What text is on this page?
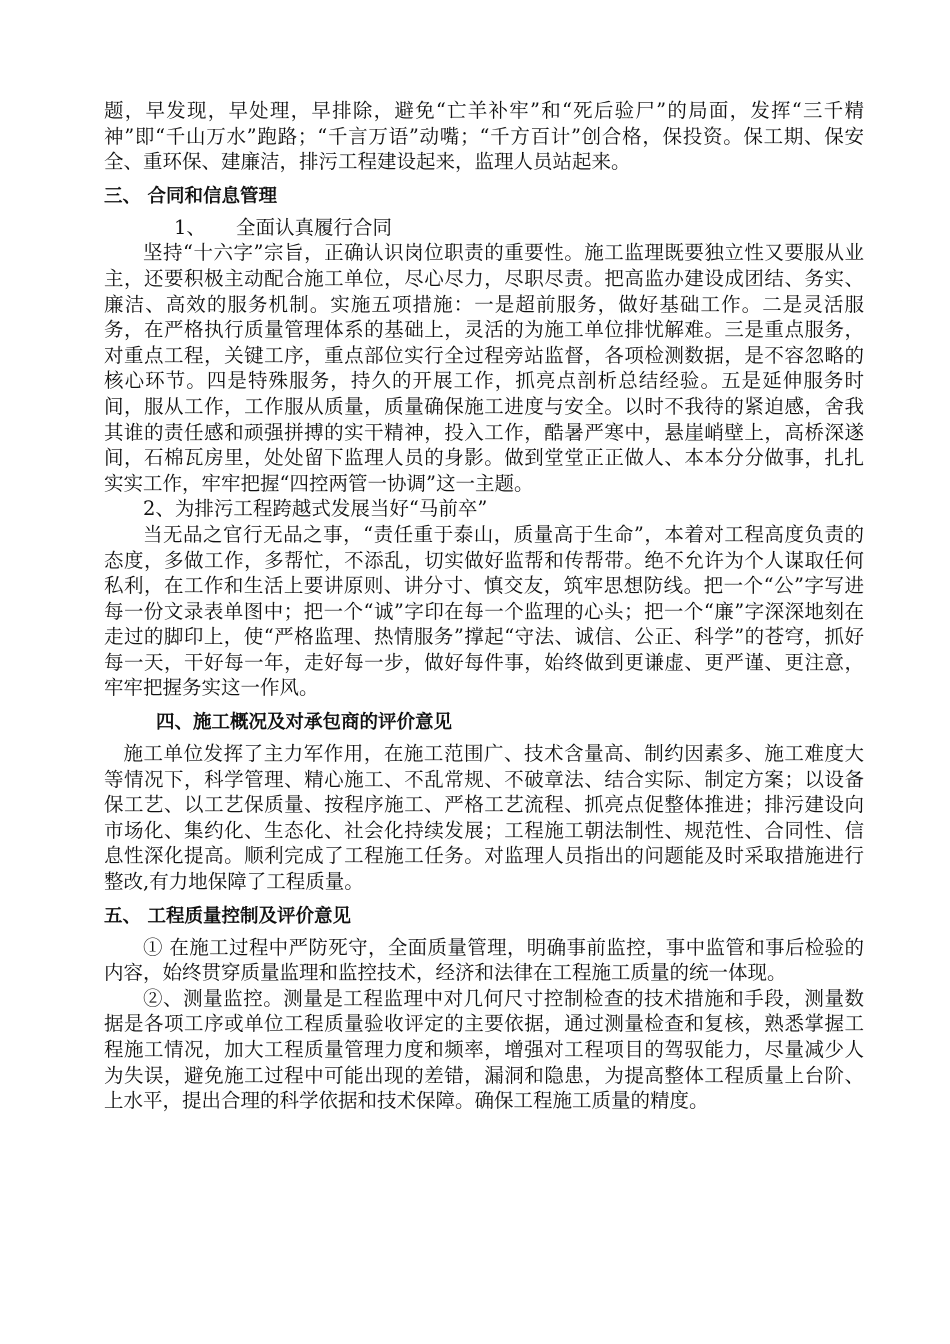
题，早发现，早处理，早排除，避免“亡羊补牢”和“死后验尸”的局面，发挥“三千精神”即“千山万水”跑路；“千言万语”动嘴；“千方百计”创合格，保投资。保工期、保安全、重环保、建廉洁，排污工程建设起来，监理人员站起来。

三、 合同和信息管理

1、 全面认真履行合同

坚持“十六字”宗旨，正确认识岗位职责的重要性。施工监理既要独立性又要服从业主，还要积极主动配合施工单位，尽心尽力，尽职尽责。把高监办建设成团结、务实、廉洁、高效的服务机制。实施五项措施：一是超前服务，做好基础工作。二是灵活服务，在严格执行质量管理体系的基础上，灵活的为施工单位排忧解难。三是重点服务，对重点工程，关键工序，重点部位实行全过程旁站监督，各项检测数据，是不容忽略的核心环节。四是特殊服务，持久的开展工作，抓亮点剖析总结经验。五是延伸服务时间，服从工作，工作服从质量，质量确保施工进度与安全。以时不我待的紧迫感，舍我其谁的责任感和顽强拼搏的实干精神，投入工作，酷暑严寒中，悬崖峭壁上，高桥深遂间，石棉瓦房里，处处留下监理人员的身影。做到堂堂正正做人、本本分分做事，扎扎实实工作，牢牢把握“四控两管一协调”这一主题。

2、为排污工程跨越式发展当好“马前卒”

当无品之官行无品之事，“责任重于泰山，质量高于生命”，本着对工程高度负责的态度，多做工作，多帮忙，不添乱，切实做好监帮和传帮带。绝不允许为个人谋取任何私利，在工作和生活上要讲原则、讲分寸、慎交友，筑牢思想防线。把一个“公”字写进每一份文录表单图中；把一个“诚”字印在每一个监理的心头；把一个“廉”字深深地刻在走过的脚印上，使“严格监理、热情服务”撑起“守法、诚信、公正、科学”的苍穹，抓好每一天，干好每一年，走好每一步，做好每件事，始终做到更谦虚、更严谨、更注意，牢牢把握务实这一作风。

四、施工概况及对承包商的评价意见

施工单位发挥了主力军作用，在施工范围广、技术含量高、制约因素多、施工难度大等情况下，科学管理、精心施工、不乱常规、不破章法、结合实际、制定方案；以设备保工艺、以工艺保质量、按程序施工、严格工艺流程、抓亮点促整体推进；排污建设向市场化、集约化、生态化、社会化持续发展；工程施工朝法制性、规范性、合同性、信息性深化提高。顺利完成了工程施工任务。对监理人员指出的问题能及时采取措施进行整改,有力地保障了工程质量。

五、 工程质量控制及评价意见

① 在施工过程中严防死守，全面质量管理，明确事前监控，事中监管和事后检验的内容，始终贯穿质量监理和监控技术，经济和法律在工程施工质量的统一体现。

②、测量监控。测量是工程监理中对几何尺寸控制检查的技术措施和手段，测量数据是各项工序或单位工程质量验收评定的主要依据，通过测量检查和复核，熟悉掌握工程施工情况，加大工程质量管理力度和频率，增强对工程项目的驾驭能力，尽量减少人为失误，避免施工过程中可能出现的差错，漏洞和隐患，为提高整体工程质量上台阶、上水平，提出合理的科学依据和技术保障。确保工程施工质量的精度。
